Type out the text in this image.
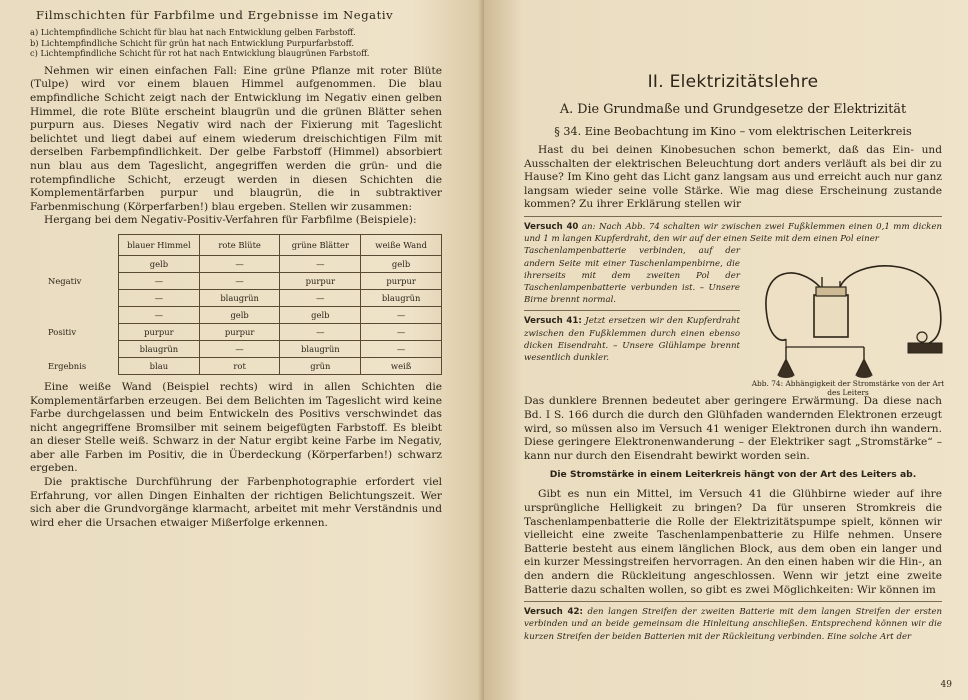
Filmschichten für Farbfilme und Ergebnisse im Negativ
a) Lichtempfindliche Schicht für blau hat nach Entwicklung gelben Farbstoff.
b) Lichtempfindliche Schicht für grün hat nach Entwicklung Purpurfarbstoff.
c) Lichtempfindliche Schicht für rot hat nach Entwicklung blaugrünen Farbstoff.

Nehmen wir einen einfachen Fall: Eine grüne Pflanze mit roter Blüte (Tulpe) wird vor einem blauen Himmel aufgenommen. Die blau empfindliche Schicht zeigt nach der Entwicklung im Negativ einen gelben Himmel, die rote Blüte erscheint blaugrün und die grünen Blätter sehen purpurn aus. Dieses Negativ wird nach der Fixierung mit Tageslicht belichtet und liegt dabei auf einem wiederum dreischichtigen Film mit derselben Farbempfindlichkeit. Der gelbe Farbstoff (Himmel) absorbiert nun blau aus dem Tageslicht, angegriffen werden die grün- und die rotempfindliche Schicht, erzeugt werden in diesen Schichten die Komplementärfarben purpur und blaugrün, die in subtraktiver Farbenmischung (Körperfarben!) blau ergeben. Stellen wir zusammen:

Hergang bei dem Negativ-Positiv-Verfahren für Farbfilme (Beispiele):

	blauer Himmel	rote Blüte	grüne Blätter	weiße Wand
	gelb	—	—	gelb
Negativ	—	—	purpur	purpur
	—	blaugrün	—	blaugrün
	—	gelb	gelb	—
Positiv	purpur	purpur	—	—
	blaugrün	—	blaugrün	—
Ergebnis	blau	rot	grün	weiß

Eine weiße Wand (Beispiel rechts) wird in allen Schichten die Komplementärfarben erzeugen. Bei dem Belichten im Tageslicht wird keine Farbe durchgelassen und beim Entwickeln des Positivs verschwindet das nicht angegriffene Bromsilber mit seinem beigefügten Farbstoff. Es bleibt an dieser Stelle weiß. Schwarz in der Natur ergibt keine Farbe im Negativ, aber alle Farben im Positiv, die in Überdeckung (Körperfarben!) schwarz ergeben.

Die praktische Durchführung der Farbenphotographie erfordert viel Erfahrung, vor allen Dingen Einhalten der richtigen Belichtungszeit. Wer sich aber die Grundvorgänge klarmacht, arbeitet mit mehr Verständnis und wird eher die Ursachen etwaiger Mißerfolge erkennen.

II. Elektrizitätslehre
A. Die Grundmaße und Grundgesetze der Elektrizität
§ 34. Eine Beobachtung im Kino – vom elektrischen Leiterkreis

Hast du bei deinen Kinobesuchen schon bemerkt, daß das Ein- und Ausschalten der elektrischen Beleuchtung dort anders verläuft als bei dir zu Hause? Im Kino geht das Licht ganz langsam aus und erreicht auch nur ganz langsam wieder seine volle Stärke. Wie mag diese Erscheinung zustande kommen? Zu ihrer Erklärung stellen wir

Versuch 40 an: Nach Abb. 74 schalten wir zwischen zwei Fußklemmen einen 0,1 mm dicken und 1 m langen Kupferdraht, den wir auf der einen Seite mit dem einen Pol einer

Taschenlampenbatterie verbinden, auf der andern Seite mit einer Taschenlampenbirne, die ihrerseits mit dem zweiten Pol der Taschenlampenbatterie verbunden ist. – Unsere Birne brennt normal.

Versuch 41: Jetzt ersetzen wir den Kupferdraht zwischen den Fußklemmen durch einen ebenso dicken Eisendraht. – Unsere Glühlampe brennt wesentlich dunkler.

Abb. 74: Abhängigkeit der Stromstärke von der Art des Leiters

Das dunklere Brennen bedeutet aber geringere Erwärmung. Da diese nach Bd. I S. 166 durch die durch den Glühfaden wandernden Elektronen erzeugt wird, so müssen also im Versuch 41 weniger Elektronen durch ihn wandern. Diese geringere Elektronenwanderung – der Elektriker sagt „Stromstärke“ – kann nur durch den Eisendraht bewirkt worden sein.

Die Stromstärke in einem Leiterkreis hängt von der Art des Leiters ab.

Gibt es nun ein Mittel, im Versuch 41 die Glühbirne wieder auf ihre ursprüngliche Helligkeit zu bringen? Da für unseren Stromkreis die Taschenlampenbatterie die Rolle der Elektrizitätspumpe spielt, können wir vielleicht eine zweite Taschenlampenbatterie zu Hilfe nehmen. Unsere Batterie besteht aus einem länglichen Block, aus dem oben ein langer und ein kurzer Messingstreifen hervorragen. An den einen haben wir die Hin-, an den andern die Rückleitung angeschlossen. Wenn wir jetzt eine zweite Batterie dazu schalten wollen, so gibt es zwei Möglichkeiten: Wir können im

Versuch 42: den langen Streifen der zweiten Batterie mit dem langen Streifen der ersten verbinden und an beide gemeinsam die Hinleitung anschließen. Entsprechend können wir die kurzen Streifen der beiden Batterien mit der Rückleitung verbinden. Eine solche Art der

49
